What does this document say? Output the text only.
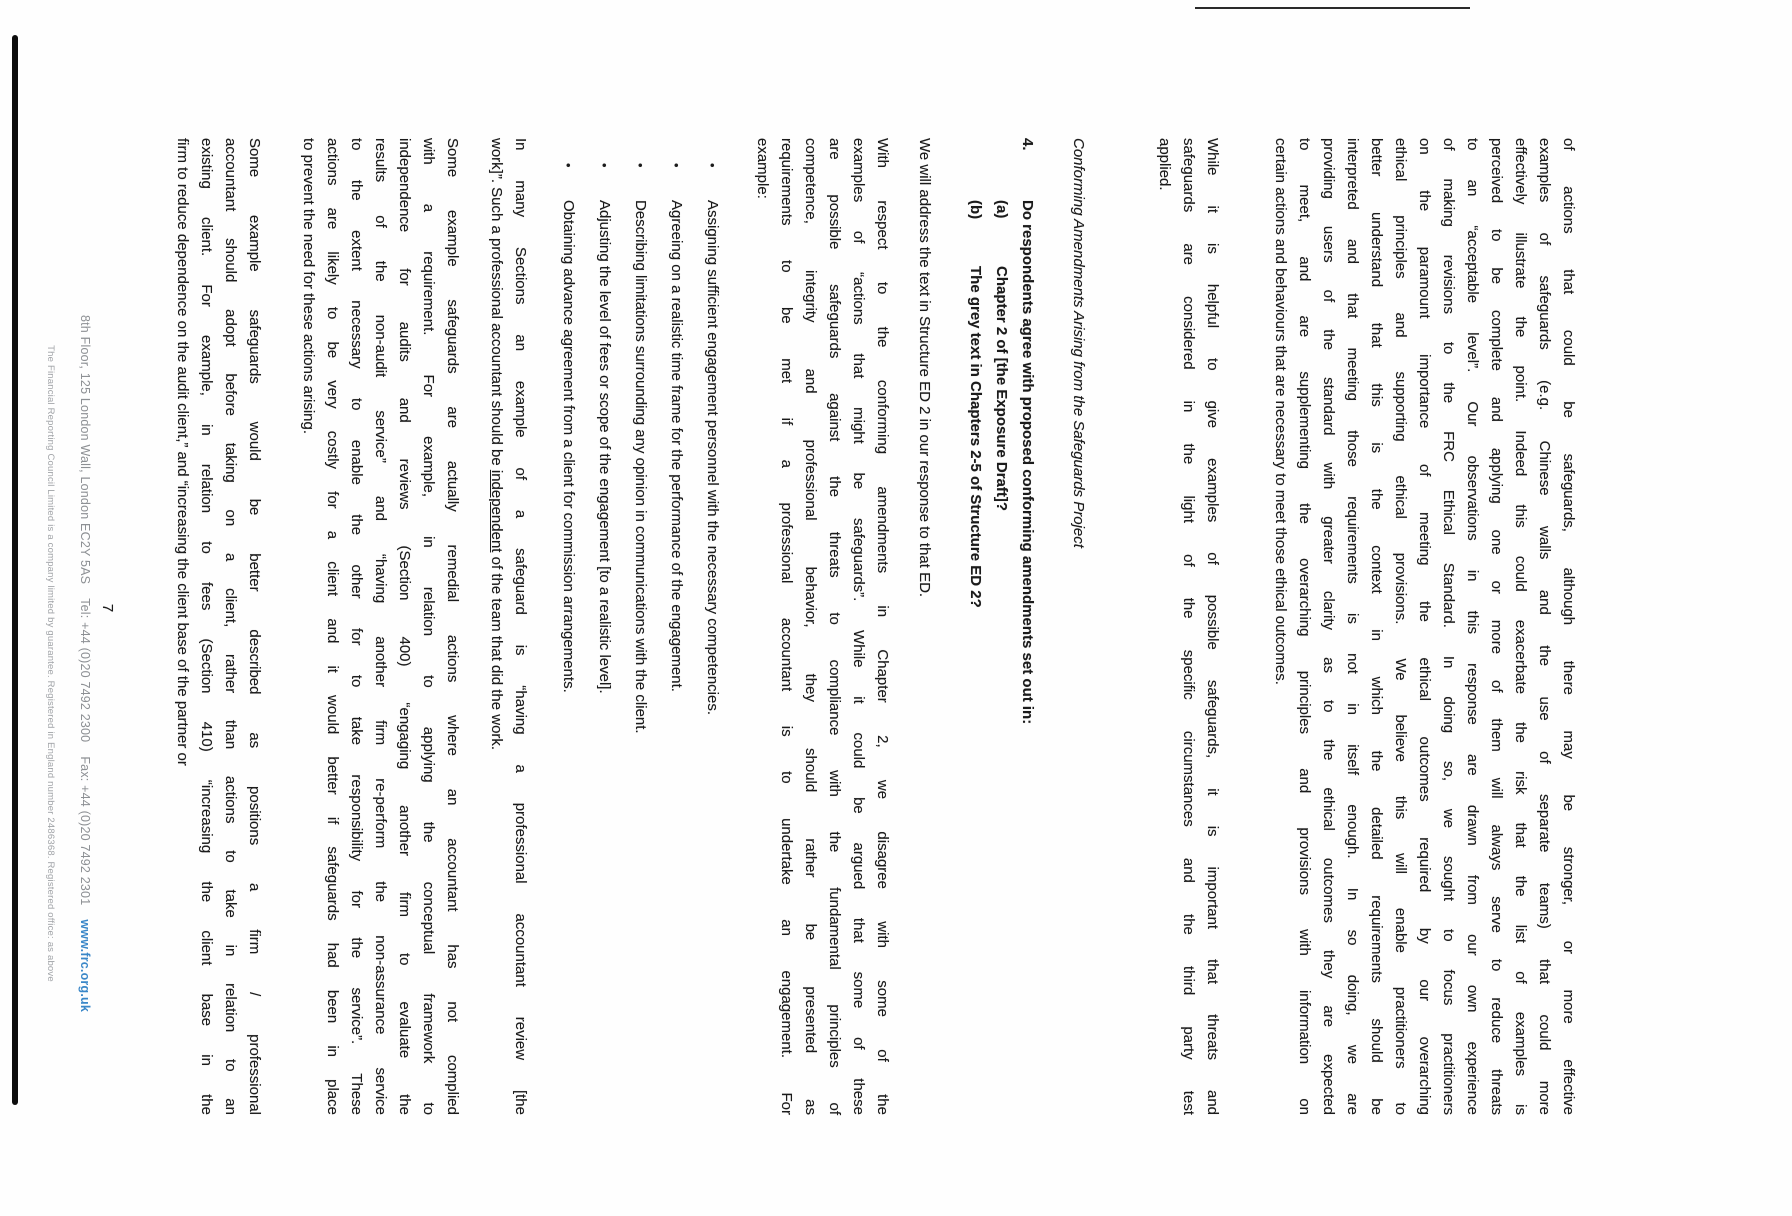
of actions that could be safeguards, although there may be stronger, or more effective
examples of safeguards (e.g. Chinese walls and the use of separate teams) that could more
effectively illustrate the point. Indeed this could exacerbate the risk that the list of examples is
perceived to be complete and applying one or more of them will always serve to reduce threats
to an “acceptable level”. Our observations in this response are drawn from our own experience
of making revisions to the FRC Ethical Standard. In doing so, we sought to focus practitioners
on the paramount importance of meeting the ethical outcomes required by our overarching
ethical principles and supporting ethical provisions. We believe this will enable practitioners to
better understand that this is the context in which the detailed requirements should be
interpreted and that meeting those requirements is not in itself enough. In so doing, we are
providing users of the standard with greater clarity as to the ethical outcomes they are expected
to meet, and are supplementing the overarching principles and provisions with information on
certain actions and behaviours that are necessary to meet those ethical outcomes.
While it is helpful to give examples of possible safeguards, it is important that threats and
safeguards are considered in the light of the specific circumstances and the third party test
applied.
Conforming Amendments Arising from the Safeguards Project
4.
Do respondents agree with proposed conforming amendments set out in:
(a)
Chapter 2 of [the Exposure Draft]?
(b)
The grey text in Chapters 2-5 of Structure ED 2?
We will address the text in Structure ED 2 in our response to that ED.
With respect to the conforming amendments in Chapter 2, we disagree with some of the
examples of “actions that might be safeguards”. While it could be argued that some of these
are possible safeguards against the threats to compliance with the fundamental principles of
competence, integrity and professional behavior, they should rather be presented as
requirements to be met if a professional accountant is to undertake an engagement. For
example:
•
Assigning sufficient engagement personnel with the necessary competencies.
•
Agreeing on a realistic time frame for the performance of the engagement.
•
Describing limitations surrounding any opinion in communications with the client.
•
Adjusting the level of fees or scope of the engagement [to a realistic level].
•
Obtaining advance agreement from a client for commission arrangements.
In many Sections an example of a safeguard is “having a professional accountant review [the
work]”. Such a professional accountant should be independent of the team that did the work.
Some example safeguards are actually remedial actions where an accountant has not complied
with a requirement. For example, in relation to applying the conceptual framework to
independence for audits and reviews (Section 400) “engaging another firm to evaluate the
results of the non-audit service” and “having another firm re-perform the non-assurance service
to the extent necessary to enable the other for to take responsibility for the service”. These
actions are likely to be very costly for a client and it would better if safeguards had been in place
to prevent the need for these actions arising.
Some example safeguards would be better described as positions a firm / professional
accountant should adopt before taking on a client, rather than actions to take in relation to an
existing client. For example, in relation to fees (Section 410) “increasing the client base in the
firm to reduce dependence on the audit client,” and “increasing the client base of the partner or
7
8th Floor, 125 London Wall, London EC2Y 5ASTel: +44 (0)20 7492 2300Fax: +44 (0)20 7492 2301www.frc.org.uk
The Financial Reporting Council Limited is a company limited by guarantee. Registered in England number 2486368. Registered office: as above
